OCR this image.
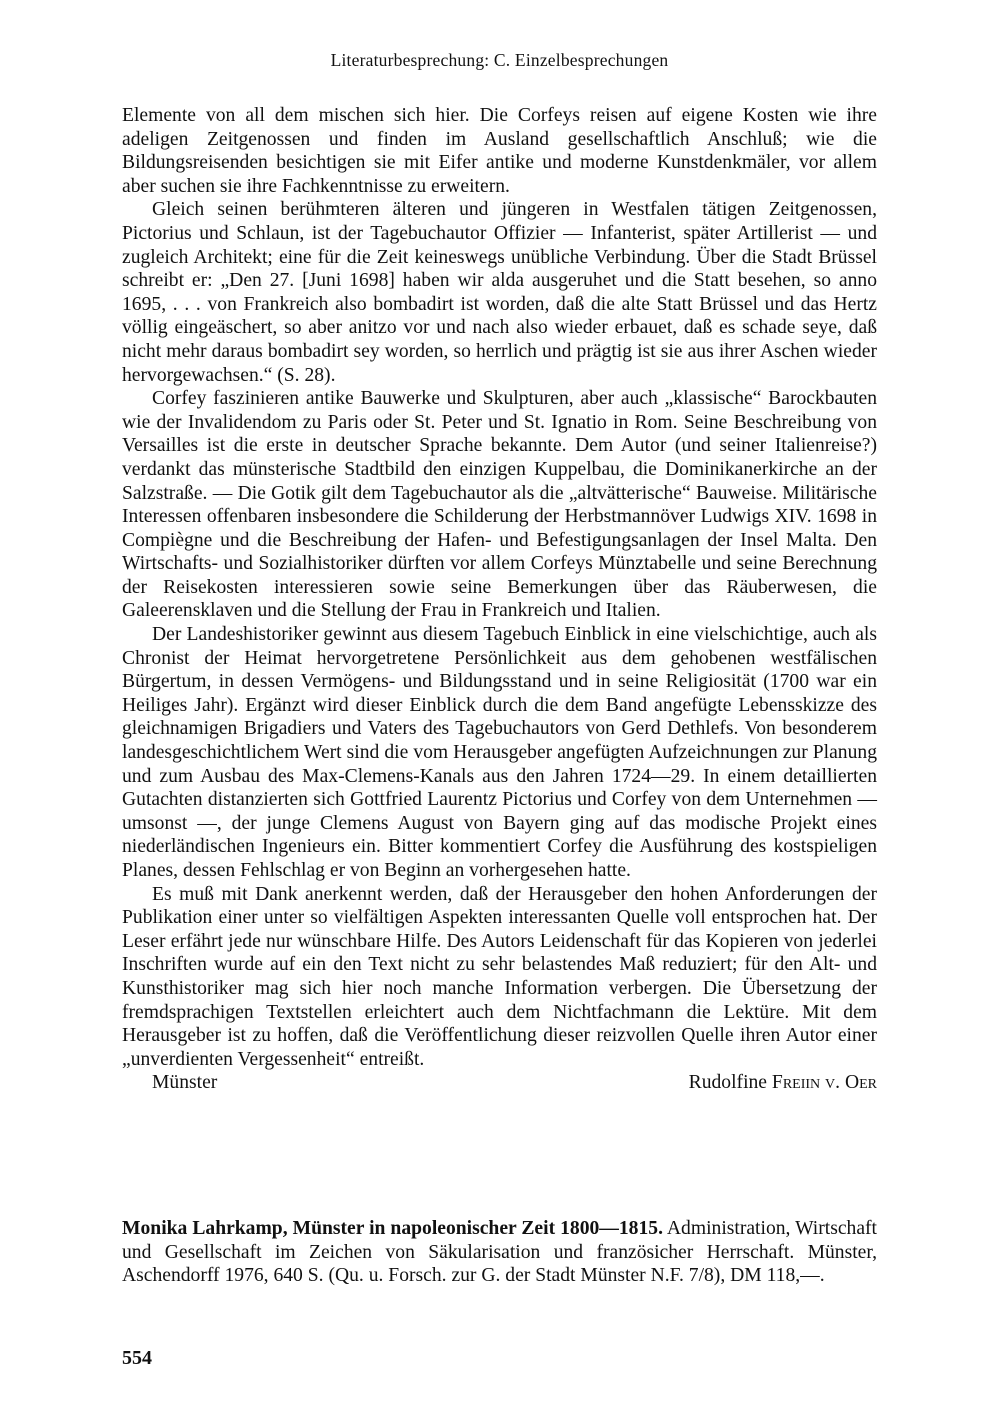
Literaturbesprechung: C. Einzelbesprechungen

Elemente von all dem mischen sich hier. Die Corfeys reisen auf eigene Kosten wie ihre adeligen Zeitgenossen und finden im Ausland gesellschaftlich Anschluß; wie die Bildungsreisenden besichtigen sie mit Eifer antike und moderne Kunstdenkmäler, vor allem aber suchen sie ihre Fachkenntnisse zu erweitern.

Gleich seinen berühmteren älteren und jüngeren in Westfalen tätigen Zeitgenossen, Pictorius und Schlaun, ist der Tagebuchautor Offizier — Infanterist, später Artillerist — und zugleich Architekt; eine für die Zeit keineswegs unübliche Verbindung. Über die Stadt Brüssel schreibt er: „Den 27. [Juni 1698] haben wir alda ausgeruhet und die Statt besehen, so anno 1695, . . . von Frankreich also bombadirt ist worden, daß die alte Statt Brüssel und das Hertz völlig eingeäschert, so aber anitzo vor und nach also wieder erbauet, daß es schade seye, daß nicht mehr daraus bombadirt sey worden, so herrlich und prägtig ist sie aus ihrer Aschen wieder hervorgewachsen.“ (S. 28).

Corfey faszinieren antike Bauwerke und Skulpturen, aber auch „klassische“ Barockbauten wie der Invalidendom zu Paris oder St. Peter und St. Ignatio in Rom. Seine Beschreibung von Versailles ist die erste in deutscher Sprache bekannte. Dem Autor (und seiner Italienreise?) verdankt das münsterische Stadtbild den einzigen Kuppelbau, die Dominikanerkirche an der Salzstraße. — Die Gotik gilt dem Tagebuchautor als die „altvätterische“ Bauweise. Militärische Interessen offenbaren insbesondere die Schilderung der Herbstmannöver Ludwigs XIV. 1698 in Compiègne und die Beschreibung der Hafen- und Befestigungsanlagen der Insel Malta. Den Wirtschafts- und Sozialhistoriker dürften vor allem Corfeys Münztabelle und seine Berechnung der Reisekosten interessieren sowie seine Bemerkungen über das Räuberwesen, die Galeerensklaven und die Stellung der Frau in Frankreich und Italien.

Der Landeshistoriker gewinnt aus diesem Tagebuch Einblick in eine vielschichtige, auch als Chronist der Heimat hervorgetretene Persönlichkeit aus dem gehobenen westfälischen Bürgertum, in dessen Vermögens- und Bildungsstand und in seine Religiosität (1700 war ein Heiliges Jahr). Ergänzt wird dieser Einblick durch die dem Band angefügte Lebensskizze des gleichnamigen Brigadiers und Vaters des Tagebuchautors von Gerd Dethlefs. Von besonderem landesgeschichtlichem Wert sind die vom Herausgeber angefügten Aufzeichnungen zur Planung und zum Ausbau des Max-Clemens-Kanals aus den Jahren 1724—29. In einem detaillierten Gutachten distanzierten sich Gottfried Laurentz Pictorius und Corfey von dem Unternehmen — umsonst —, der junge Clemens August von Bayern ging auf das modische Projekt eines niederländischen Ingenieurs ein. Bitter kommentiert Corfey die Ausführung des kostspieligen Planes, dessen Fehlschlag er von Beginn an vorhergesehen hatte.

Es muß mit Dank anerkennt werden, daß der Herausgeber den hohen Anforderungen der Publikation einer unter so vielfältigen Aspekten interessanten Quelle voll entsprochen hat. Der Leser erfährt jede nur wünschbare Hilfe. Des Autors Leidenschaft für das Kopieren von jederlei Inschriften wurde auf ein den Text nicht zu sehr belastendes Maß reduziert; für den Alt- und Kunsthistoriker mag sich hier noch manche Information verbergen. Die Übersetzung der fremdsprachigen Textstellen erleichtert auch dem Nichtfachmann die Lektüre. Mit dem Herausgeber ist zu hoffen, daß die Veröffentlichung dieser reizvollen Quelle ihren Autor einer „unverdienten Vergessenheit“ entreißt.

Münster	Rudolfine Freiin v. Oer

Monika Lahrkamp, Münster in napoleonischer Zeit 1800—1815. Administration, Wirtschaft und Gesellschaft im Zeichen von Säkularisation und französicher Herrschaft. Münster, Aschendorff 1976, 640 S. (Qu. u. Forsch. zur G. der Stadt Münster N.F. 7/8), DM 118,—.

554
